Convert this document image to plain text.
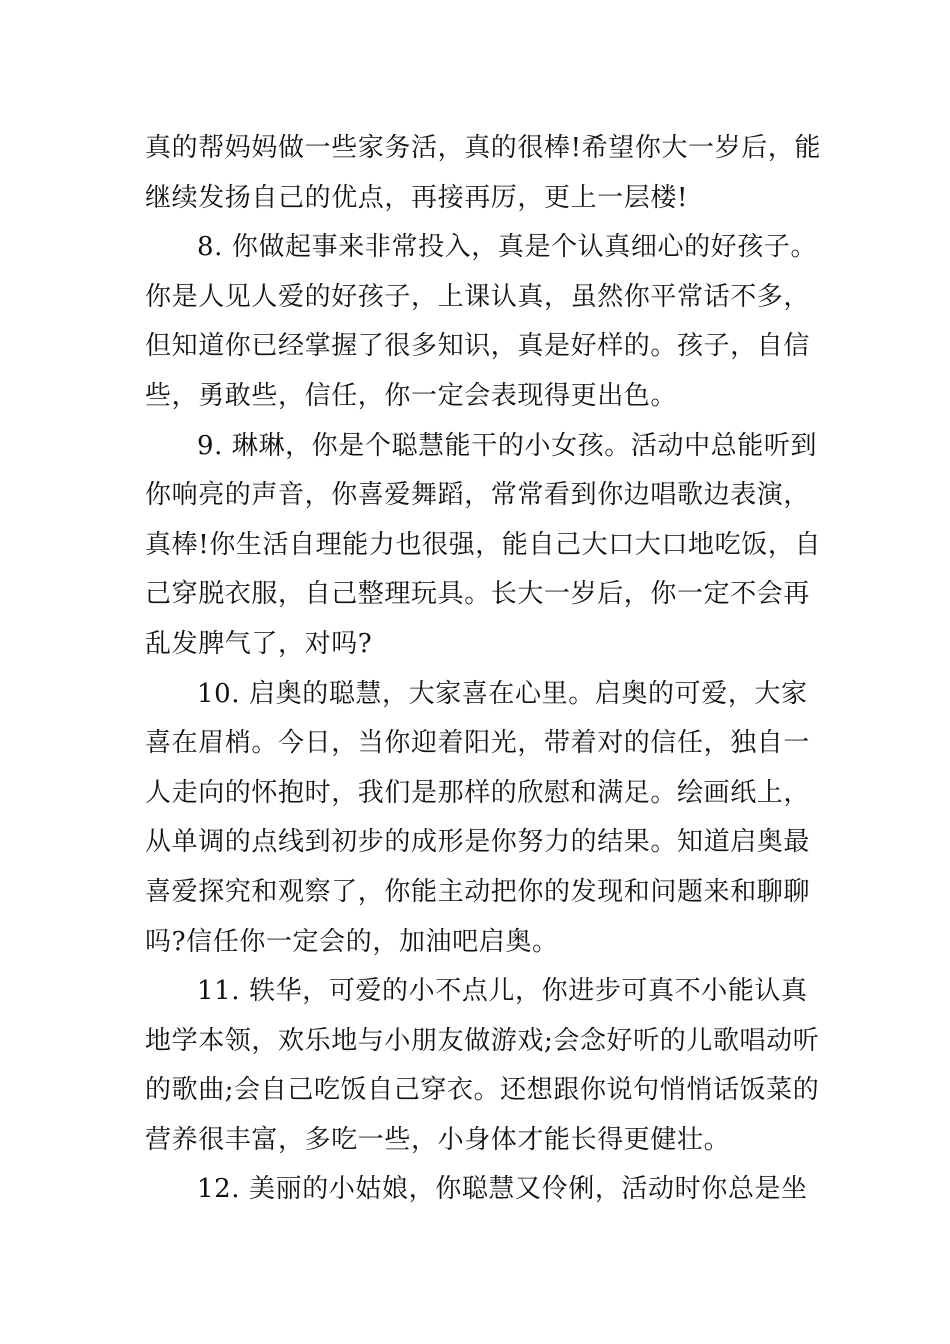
真的帮妈妈做一些家务活，真的很棒!希望你大一岁后，能
继续发扬自己的优点，再接再厉，更上一层楼!
8. 你做起事来非常投入，真是个认真细心的好孩子。
你是人见人爱的好孩子，上课认真，虽然你平常话不多，
但知道你已经掌握了很多知识，真是好样的。孩子，自信
些，勇敢些，信任，你一定会表现得更出色。
9. 琳琳，你是个聪慧能干的小女孩。活动中总能听到
你响亮的声音，你喜爱舞蹈，常常看到你边唱歌边表演，
真棒!你生活自理能力也很强，能自己大口大口地吃饭，自
己穿脱衣服，自己整理玩具。长大一岁后，你一定不会再
乱发脾气了，对吗?
10. 启奥的聪慧，大家喜在心里。启奥的可爱，大家
喜在眉梢。今日，当你迎着阳光，带着对的信任，独自一
人走向的怀抱时，我们是那样的欣慰和满足。绘画纸上，
从单调的点线到初步的成形是你努力的结果。知道启奥最
喜爱探究和观察了，你能主动把你的发现和问题来和聊聊
吗?信任你一定会的，加油吧启奥。
11. 轶华，可爱的小不点儿，你进步可真不小能认真
地学本领，欢乐地与小朋友做游戏;会念好听的儿歌唱动听
的歌曲;会自己吃饭自己穿衣。还想跟你说句悄悄话饭菜的
营养很丰富，多吃一些，小身体才能长得更健壮。
12. 美丽的小姑娘，你聪慧又伶俐，活动时你总是坐
